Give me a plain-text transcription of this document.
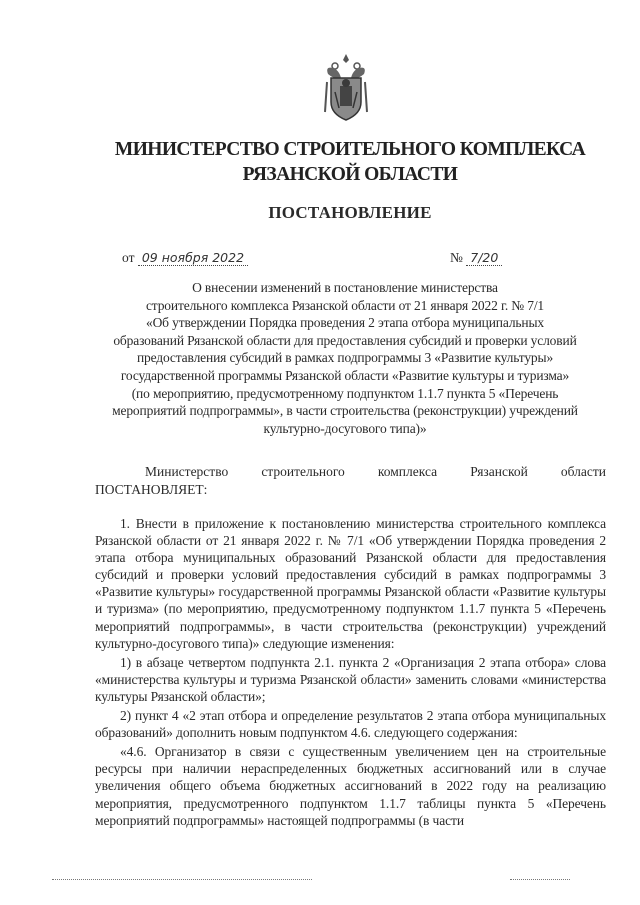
МИНИСТЕРСТВО СТРОИТЕЛЬНОГО КОМПЛЕКСА
РЯЗАНСКОЙ ОБЛАСТИ
ПОСТАНОВЛЕНИЕ
от 09 ноября 2022	№ 7/20
О внесении изменений в постановление министерства
строительного комплекса Рязанской области от 21 января 2022 г. № 7/1
«Об утверждении Порядка проведения 2 этапа отбора муниципальных
образований Рязанской области для предоставления субсидий и проверки условий
предоставления субсидий в рамках подпрограммы 3 «Развитие культуры»
государственной программы Рязанской области «Развитие культуры и туризма»
(по мероприятию, предусмотренному подпунктом 1.1.7 пункта 5 «Перечень
мероприятий подпрограммы», в части строительства (реконструкции) учреждений
культурно-досугового типа)»
Министерство строительного комплекса Рязанской области
ПОСТАНОВЛЯЕТ:

1. Внести в приложение к постановлению министерства строительного комплекса Рязанской области от 21 января 2022 г. № 7/1 «Об утверждении Порядка проведения 2 этапа отбора муниципальных образований Рязанской области для предоставления субсидий и проверки условий предоставления субсидий в рамках подпрограммы 3 «Развитие культуры» государственной программы Рязанской области «Развитие культуры и туризма» (по мероприятию, предусмотренному подпунктом 1.1.7 пункта 5 «Перечень мероприятий подпрограммы», в части строительства (реконструкции) учреждений культурно-досугового типа)» следующие изменения:

1) в абзаце четвертом подпункта 2.1. пункта 2 «Организация 2 этапа отбора» слова «министерства культуры и туризма Рязанской области» заменить словами «министерства культуры Рязанской области»;

2) пункт 4 «2 этап отбора и определение результатов 2 этапа отбора муниципальных образований» дополнить новым подпунктом 4.6. следующего содержания:

«4.6. Организатор в связи с существенным увеличением цен на строительные ресурсы при наличии нераспределенных бюджетных ассигнований или в случае увеличения общего объема бюджетных ассигнований в 2022 году на реализацию мероприятия, предусмотренного подпунктом 1.1.7 таблицы пункта 5 «Перечень мероприятий подпрограммы» настоящей подпрограммы (в части
